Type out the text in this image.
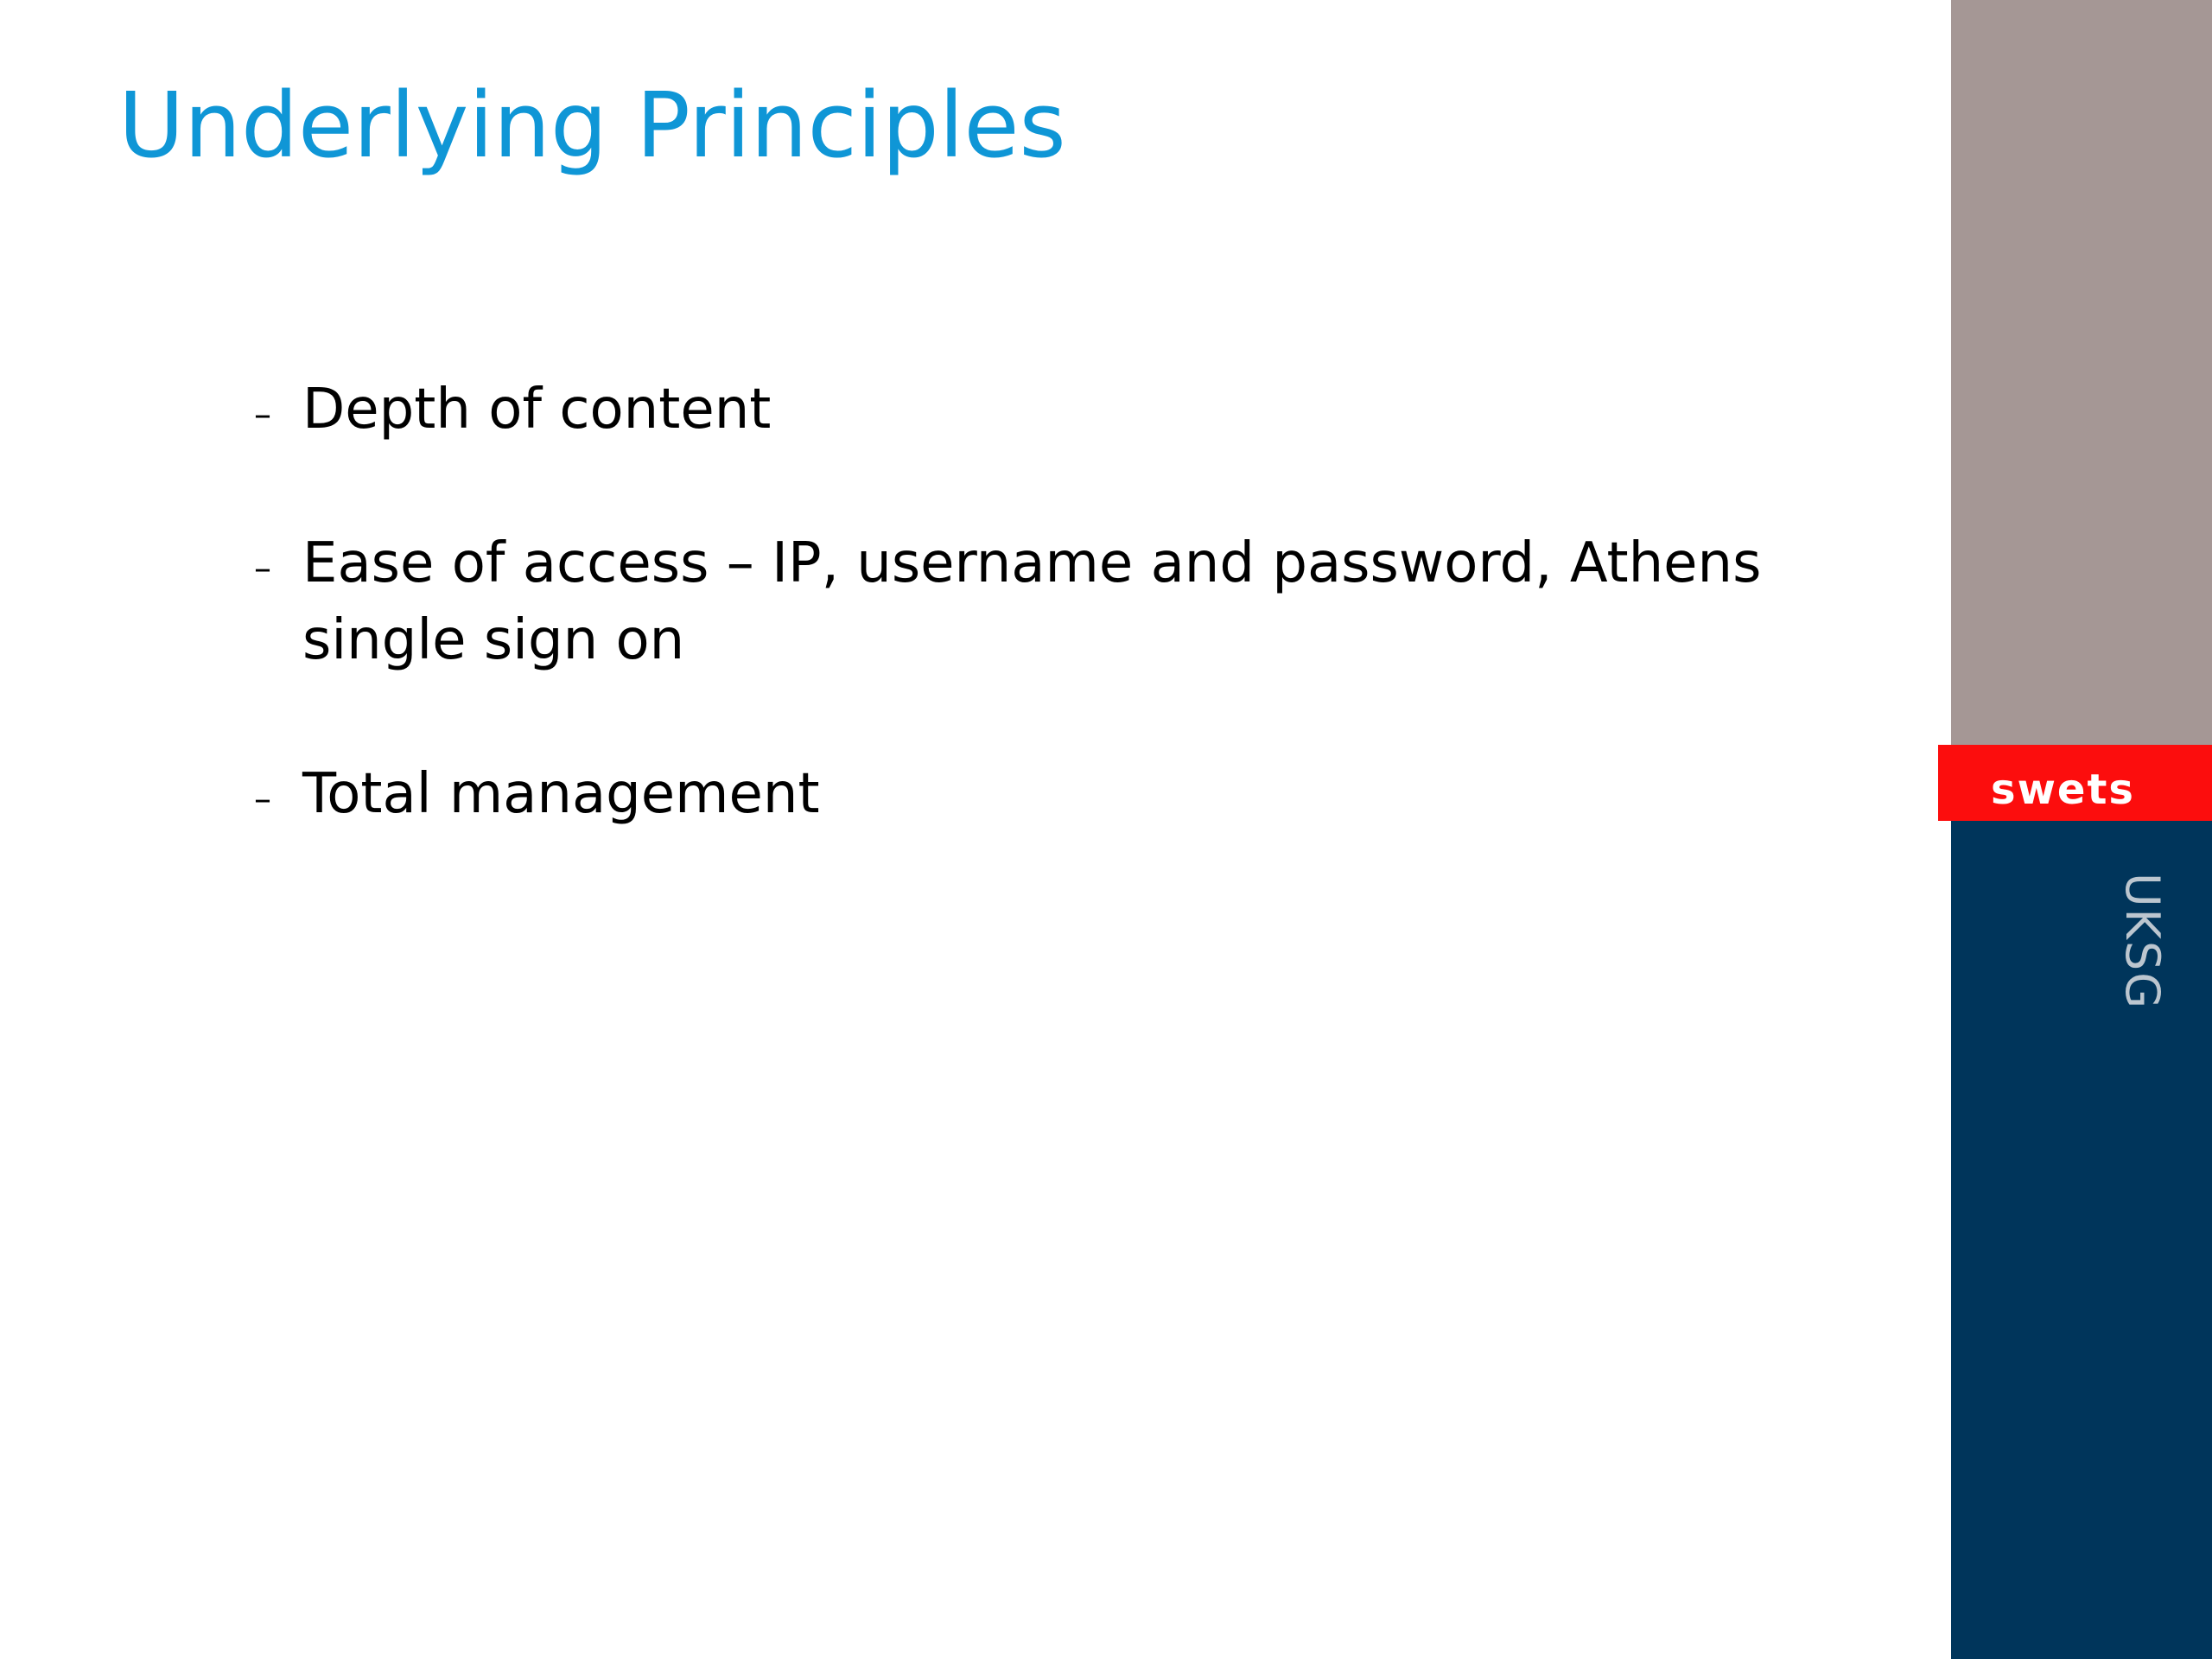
Underlying Principles
– Depth of content
– Ease of access – IP, username and password, Athens single sign on
– Total management	swets
UKSG
